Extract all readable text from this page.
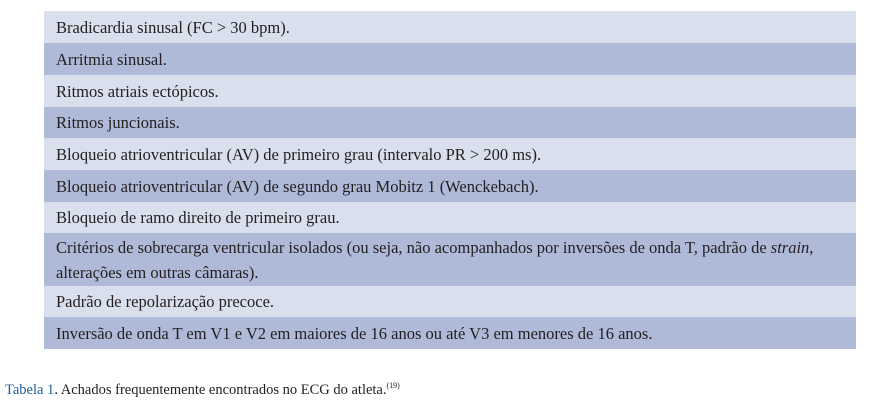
Bradicardia sinusal (FC > 30 bpm).
Arritmia sinusal.
Ritmos atriais ectópicos.
Ritmos juncionais.
Bloqueio atrioventricular (AV) de primeiro grau (intervalo PR > 200 ms).
Bloqueio atrioventricular (AV) de segundo grau Mobitz 1 (Wenckebach).
Bloqueio de ramo direito de primeiro grau.
Critérios de sobrecarga ventricular isolados (ou seja, não acompanhados por inversões de onda T, padrão de strain, alterações em outras câmaras).
Padrão de repolarização precoce.
Inversão de onda T em V1 e V2 em maiores de 16 anos ou até V3 em menores de 16 anos.
Tabela 1. Achados frequentemente encontrados no ECG do atleta.$^{(19)}$
